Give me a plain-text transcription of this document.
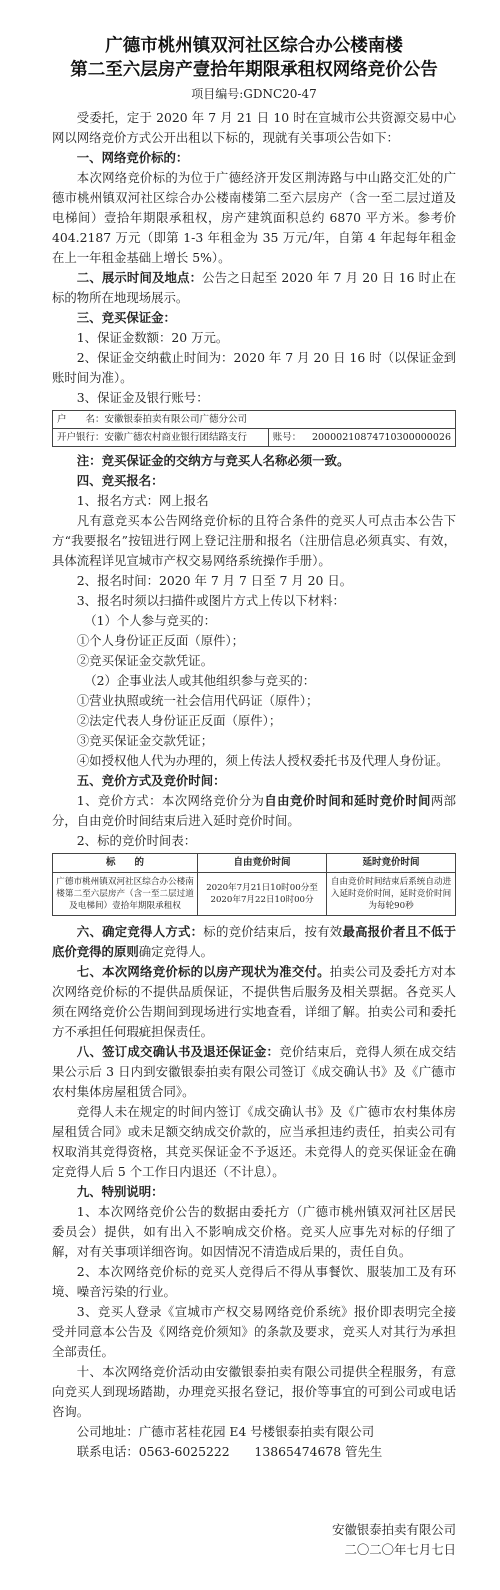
广德市桃州镇双河社区综合办公楼南楼
第二至六层房产壹拾年期限承租权网络竞价公告
项目编号:GDNC20-47

受委托，定于 2020 年 7 月 21 日 10 时在宣城市公共资源交易中心网以网络竞价方式公开出租以下标的，现就有关事项公告如下：

一、网络竞价标的：

本次网络竞价标的为位于广德经济开发区荆涛路与中山路交汇处的广德市桃州镇双河社区综合办公楼南楼第二至六层房产（含一至二层过道及电梯间）壹拾年期限承租权，房产建筑面积总约 6870 平方米。参考价 404.2187 万元（即第 1-3 年租金为 35 万元/年，自第 4 年起每年租金在上一年租金基础上增长 5%）。

二、展示时间及地点：公告之日起至 2020 年 7 月 20 日 16 时止在标的物所在地现场展示。

三、竞买保证金：

1、保证金数额：20 万元。

2、保证金交纳截止时间为：2020 年 7 月 20 日 16 时（以保证金到账时间为准）。

3、保证金及银行账号：

户　　名：安徽银泰拍卖有限公司广德分公司
开户银行：安徽广德农村商业银行团结路支行	账号：	20000210874710300000026

注：竞买保证金的交纳方与竞买人名称必须一致。

四、竞买报名：

1、报名方式：网上报名

凡有意竞买本公告网络竞价标的且符合条件的竞买人可点击本公告下方“我要报名”按钮进行网上登记注册和报名（注册信息必须真实、有效，具体流程详见宣城市产权交易网络系统操作手册）。

2、报名时间：2020 年 7 月 7 日至 7 月 20 日。

3、报名时须以扫描件或图片方式上传以下材料：

（1）个人参与竞买的：

①个人身份证正反面（原件）；

②竞买保证金交款凭证。

（2）企事业法人或其他组织参与竞买的：

①营业执照或统一社会信用代码证（原件）；

②法定代表人身份证正反面（原件）；

③竞买保证金交款凭证；

④如授权他人代为办理的，须上传法人授权委托书及代理人身份证。

五、竞价方式及竞价时间：

1、竞价方式：本次网络竞价分为自由竞价时间和延时竞价时间两部分，自由竞价时间结束后进入延时竞价时间。

2、标的竞价时间表：

标　　的	自由竞价时间	延时竞价时间
广德市桃州镇双河社区综合办公楼南楼第二至六层房产（含一至二层过道及电梯间）壹拾年期限承租权	2020年7月21日10时00分至2020年7月22日10时00分	自由竞价时间结束后系统自动进入延时竞价时间，延时竞价时间为每轮90秒

六、确定竞得人方式：标的竞价结束后，按有效最高报价者且不低于底价竞得的原则确定竞得人。

七、本次网络竞价标的以房产现状为准交付。拍卖公司及委托方对本次网络竞价标的不提供品质保证，不提供售后服务及相关票据。各竞买人须在网络竞价公告期间到现场进行实地查看，详细了解。拍卖公司和委托方不承担任何瑕疵担保责任。

八、签订成交确认书及退还保证金：竞价结束后，竞得人须在成交结果公示后 3 日内到安徽银泰拍卖有限公司签订《成交确认书》及《广德市农村集体房屋租赁合同》。

竞得人未在规定的时间内签订《成交确认书》及《广德市农村集体房屋租赁合同》或未足额交纳成交价款的，应当承担违约责任，拍卖公司有权取消其竞得资格，其竞买保证金不予返还。未竞得人的竞买保证金在确定竞得人后 5 个工作日内退还（不计息）。

九、特别说明：

1、本次网络竞价公告的数据由委托方（广德市桃州镇双河社区居民委员会）提供，如有出入不影响成交价格。竞买人应事先对标的仔细了解，对有关事项详细咨询。如因情况不清造成后果的，责任自负。

2、本次网络竞价标的竞买人竞得后不得从事餐饮、服装加工及有环境、噪音污染的行业。

3、竞买人登录《宣城市产权交易网络竞价系统》报价即表明完全接受并同意本公告及《网络竞价须知》的条款及要求，竞买人对其行为承担全部责任。

十、本次网络竞价活动由安徽银泰拍卖有限公司提供全程服务，有意向竞买人到现场踏勘，办理竞买报名登记，报价等事宜的可到公司或电话咨询。

公司地址：广德市茗桂花园 E4 号楼银泰拍卖有限公司

联系电话：0563-6025222　　13865474678 管先生

安徽银泰拍卖有限公司

二〇二〇年七月七日
